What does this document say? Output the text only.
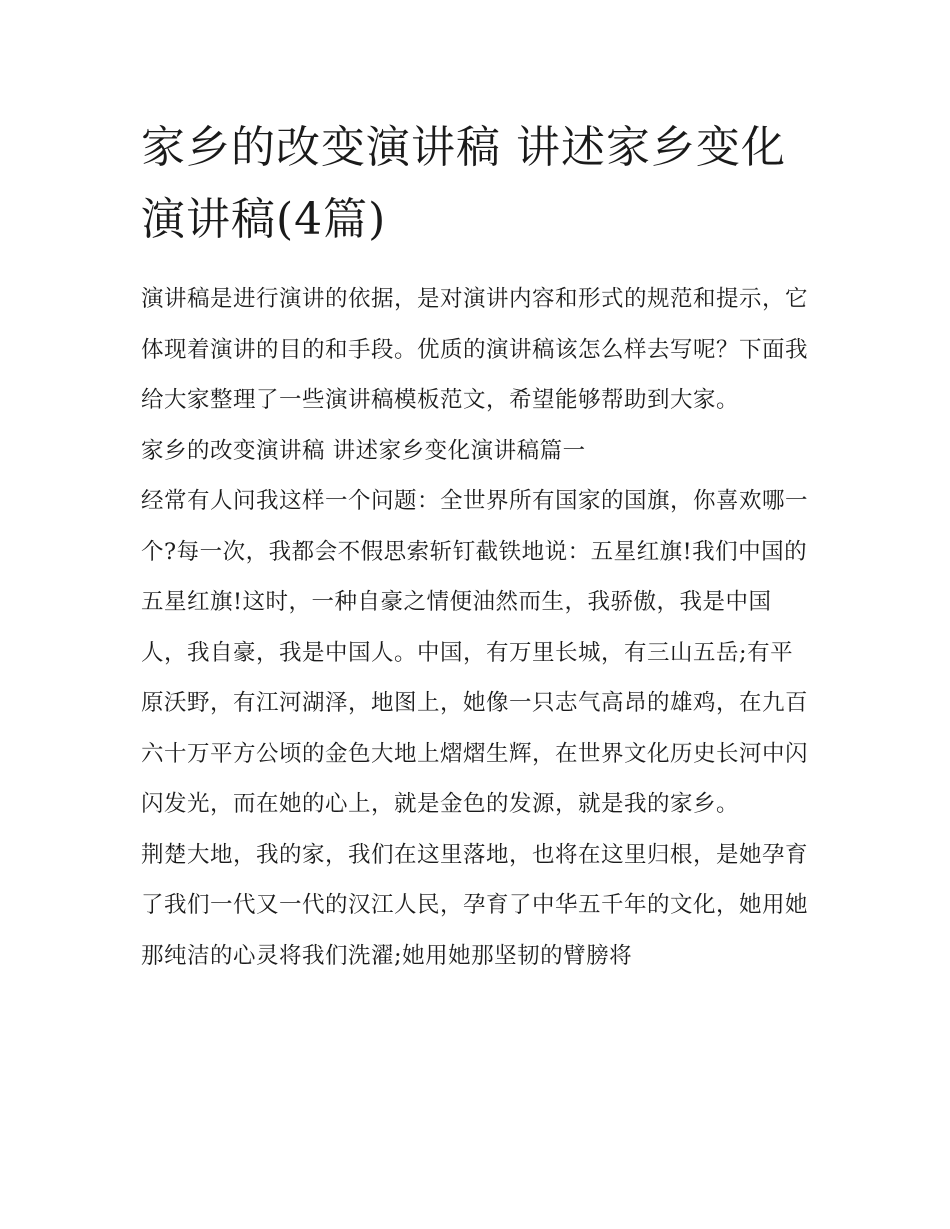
家乡的改变演讲稿 讲述家乡变化演讲稿(4篇)

演讲稿是进行演讲的依据，是对演讲内容和形式的规范和提示，它体现着演讲的目的和手段。优质的演讲稿该怎么样去写呢？下面我给大家整理了一些演讲稿模板范文，希望能够帮助到大家。

家乡的改变演讲稿 讲述家乡变化演讲稿篇一

经常有人问我这样一个问题：全世界所有国家的国旗，你喜欢哪一个?每一次，我都会不假思索斩钉截铁地说：五星红旗!我们中国的五星红旗!这时，一种自豪之情便油然而生，我骄傲，我是中国人，我自豪，我是中国人。中国，有万里长城，有三山五岳;有平原沃野，有江河湖泽，地图上，她像一只志气高昂的雄鸡，在九百六十万平方公顷的金色大地上熠熠生辉，在世界文化历史长河中闪闪发光，而在她的心上，就是金色的发源，就是我的家乡。

荆楚大地，我的家，我们在这里落地，也将在这里归根，是她孕育了我们一代又一代的汉江人民，孕育了中华五千年的文化，她用她那纯洁的心灵将我们洗濯;她用她那坚韧的臂膀将
